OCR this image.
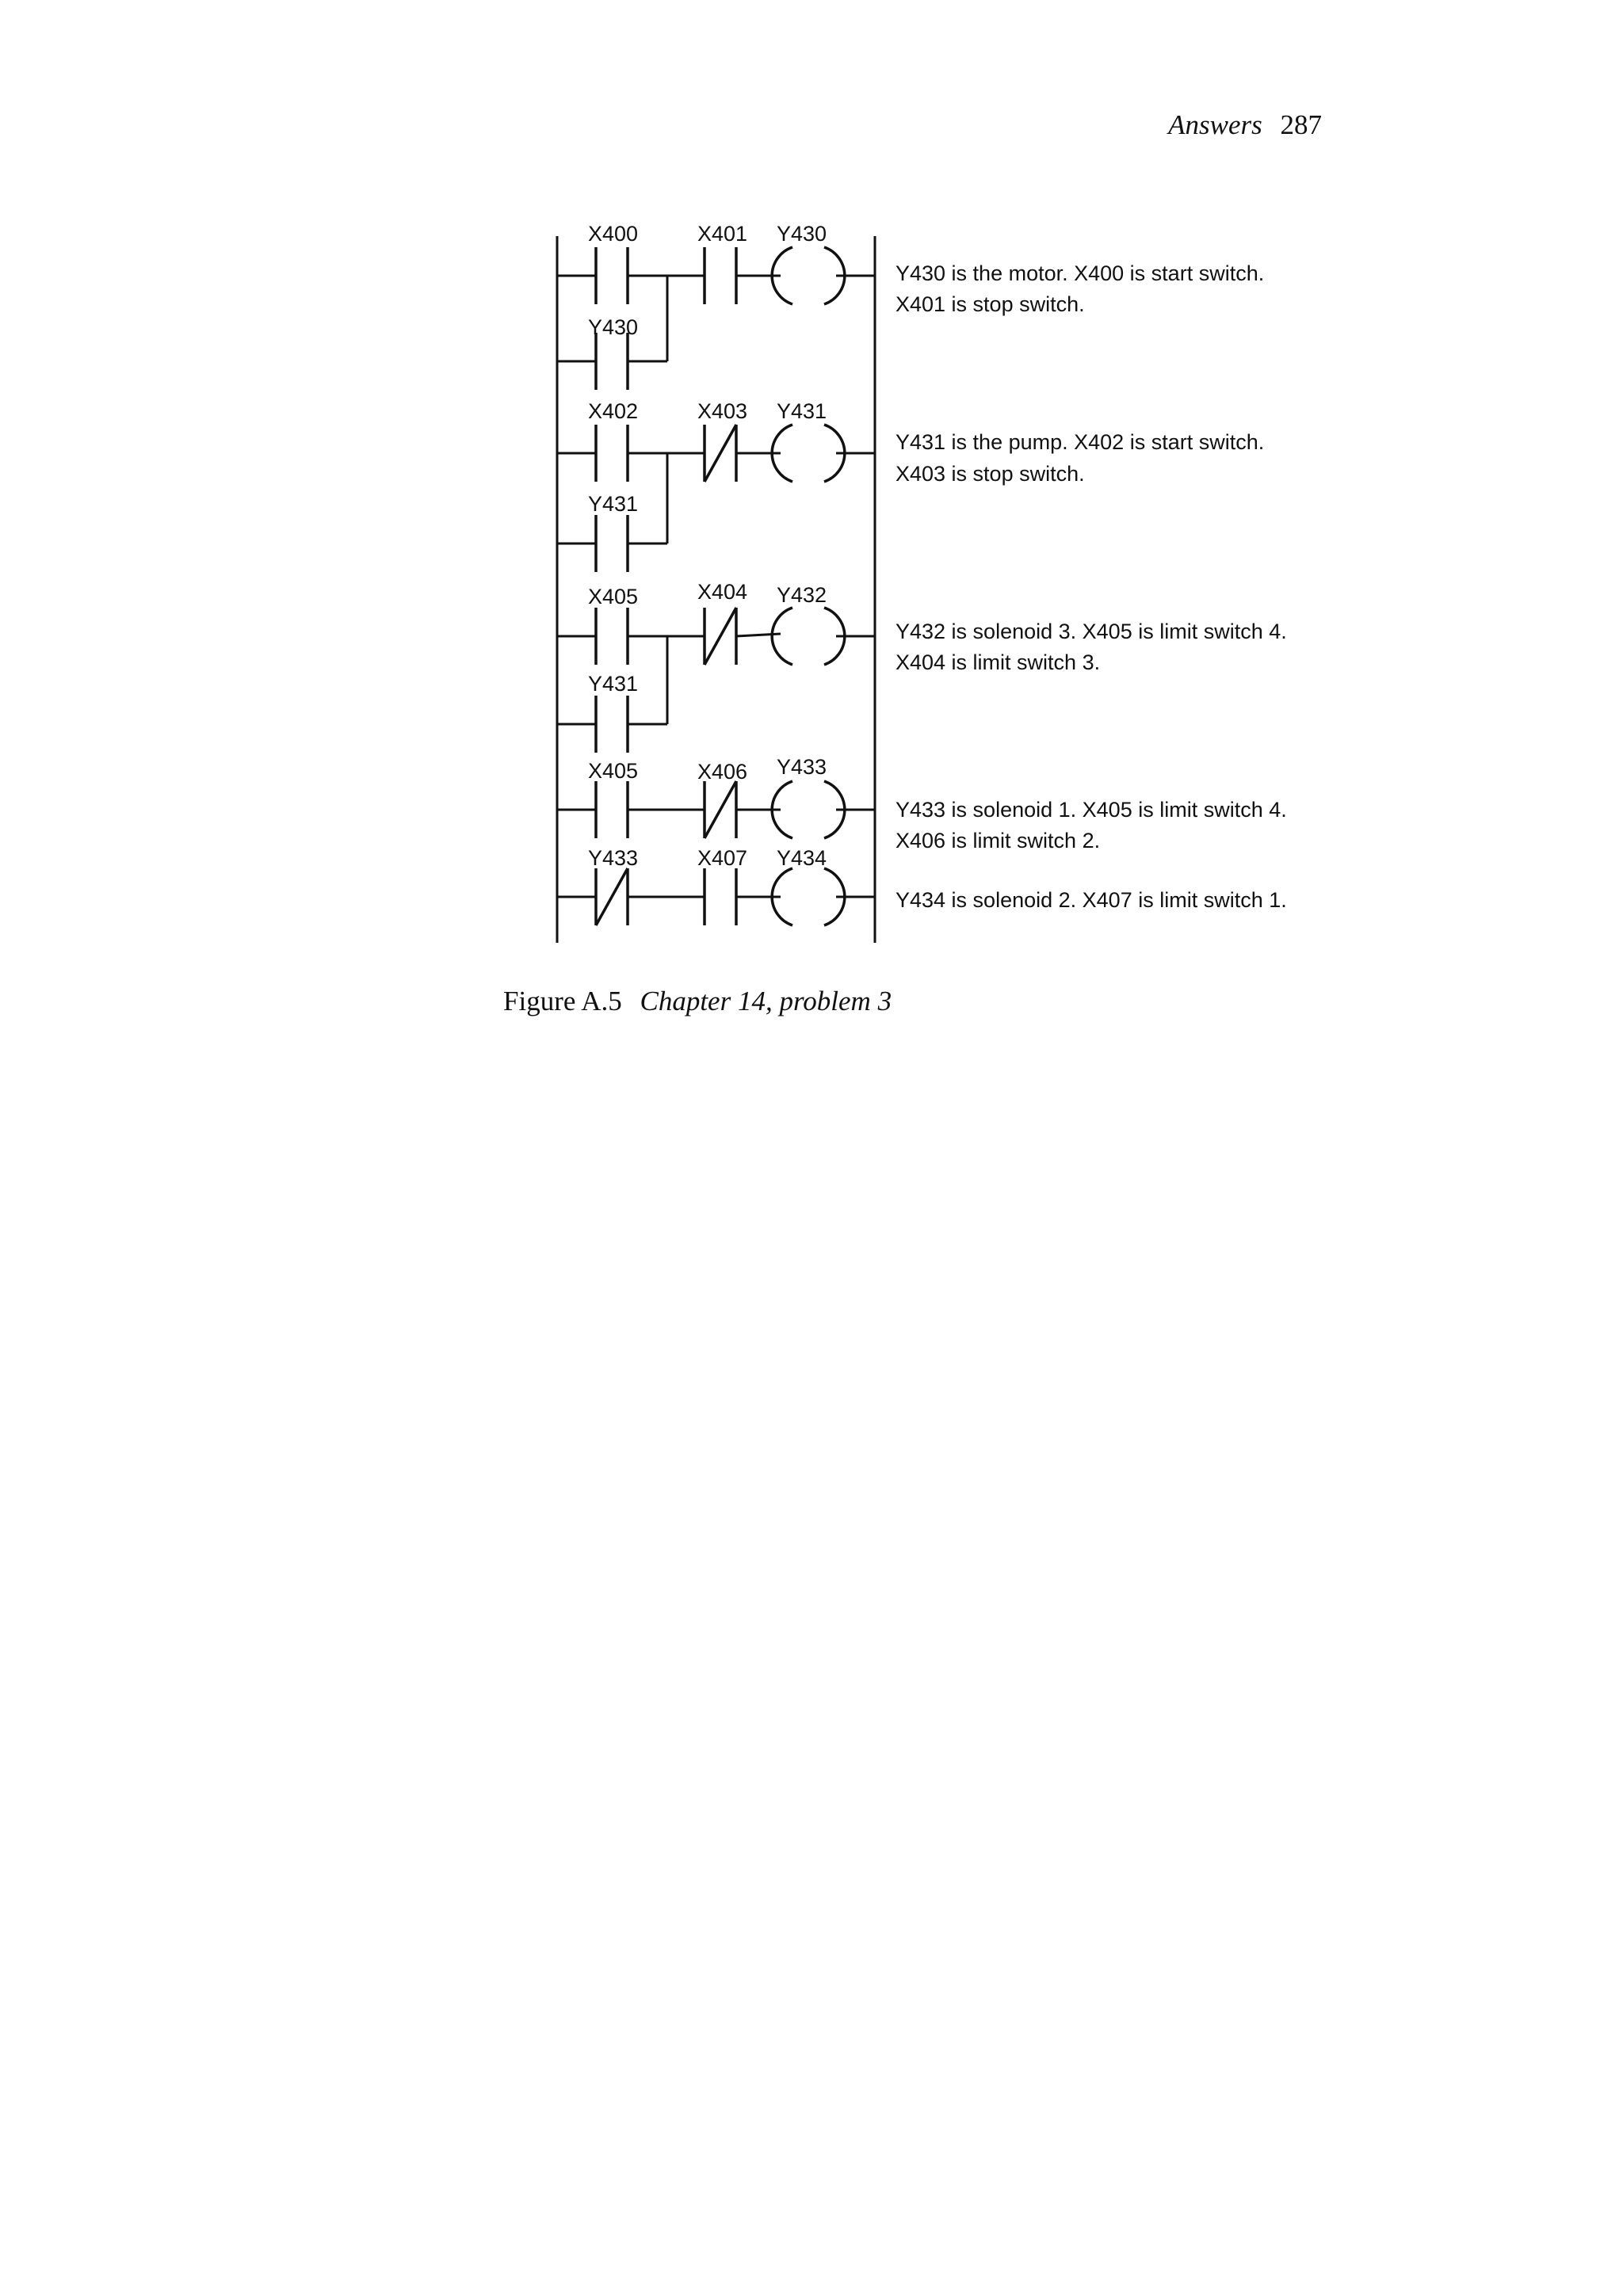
Answers 287
X400	X401 Y430
Y430
Y430 is the motor. X400 is start switch.
X401 is stop switch.
X402	X403 Y431
Y431
Y431 is the pump. X402 is start switch.
X403 is stop switch.
X405	X404 Y432
Y431
Y432 is solenoid 3. X405 is limit switch 4.
X404 is limit switch 3.
X405	X406 Y433
Y433 is solenoid 1. X405 is limit switch 4.
X406 is limit switch 2.
Y433	X407 Y434
Y434 is solenoid 2. X407 is limit switch 1.
Figure A.5 Chapter 14, problem 3
